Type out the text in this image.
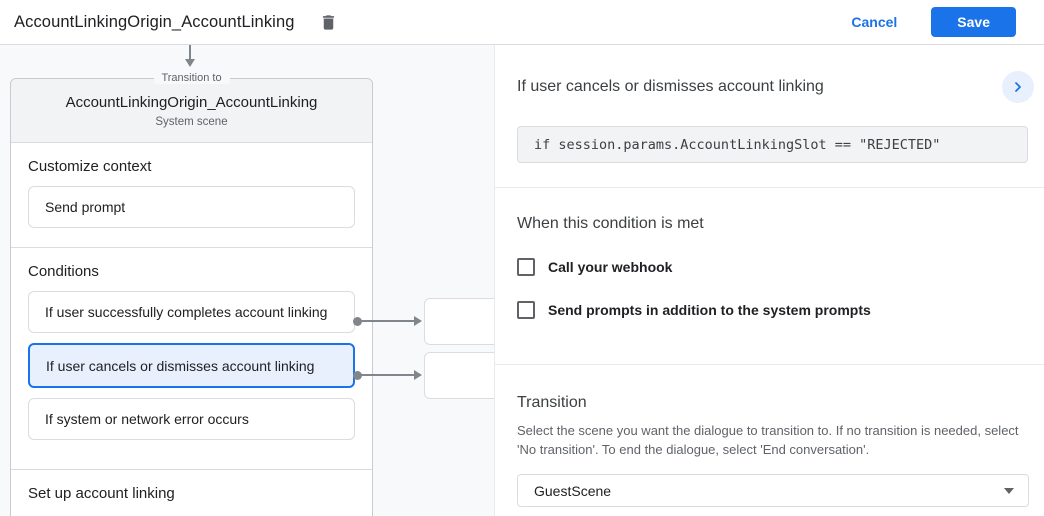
AccountLinkingOrigin_AccountLinking	Cancel	Save
Transition to
AccountLinkingOrigin_AccountLinking
System scene
Customize context
Send prompt
Conditions
If user successfully completes account linking
If user cancels or dismisses account linking
If system or network error occurs
Set up account linking
If user cancels or dismisses account linking
if session.params.AccountLinkingSlot == "REJECTED"
When this condition is met
Call your webhook
Send prompts in addition to the system prompts
Transition
Select the scene you want the dialogue to transition to. If no transition is needed, select 'No transition'. To end the dialogue, select 'End conversation'.
GuestScene
